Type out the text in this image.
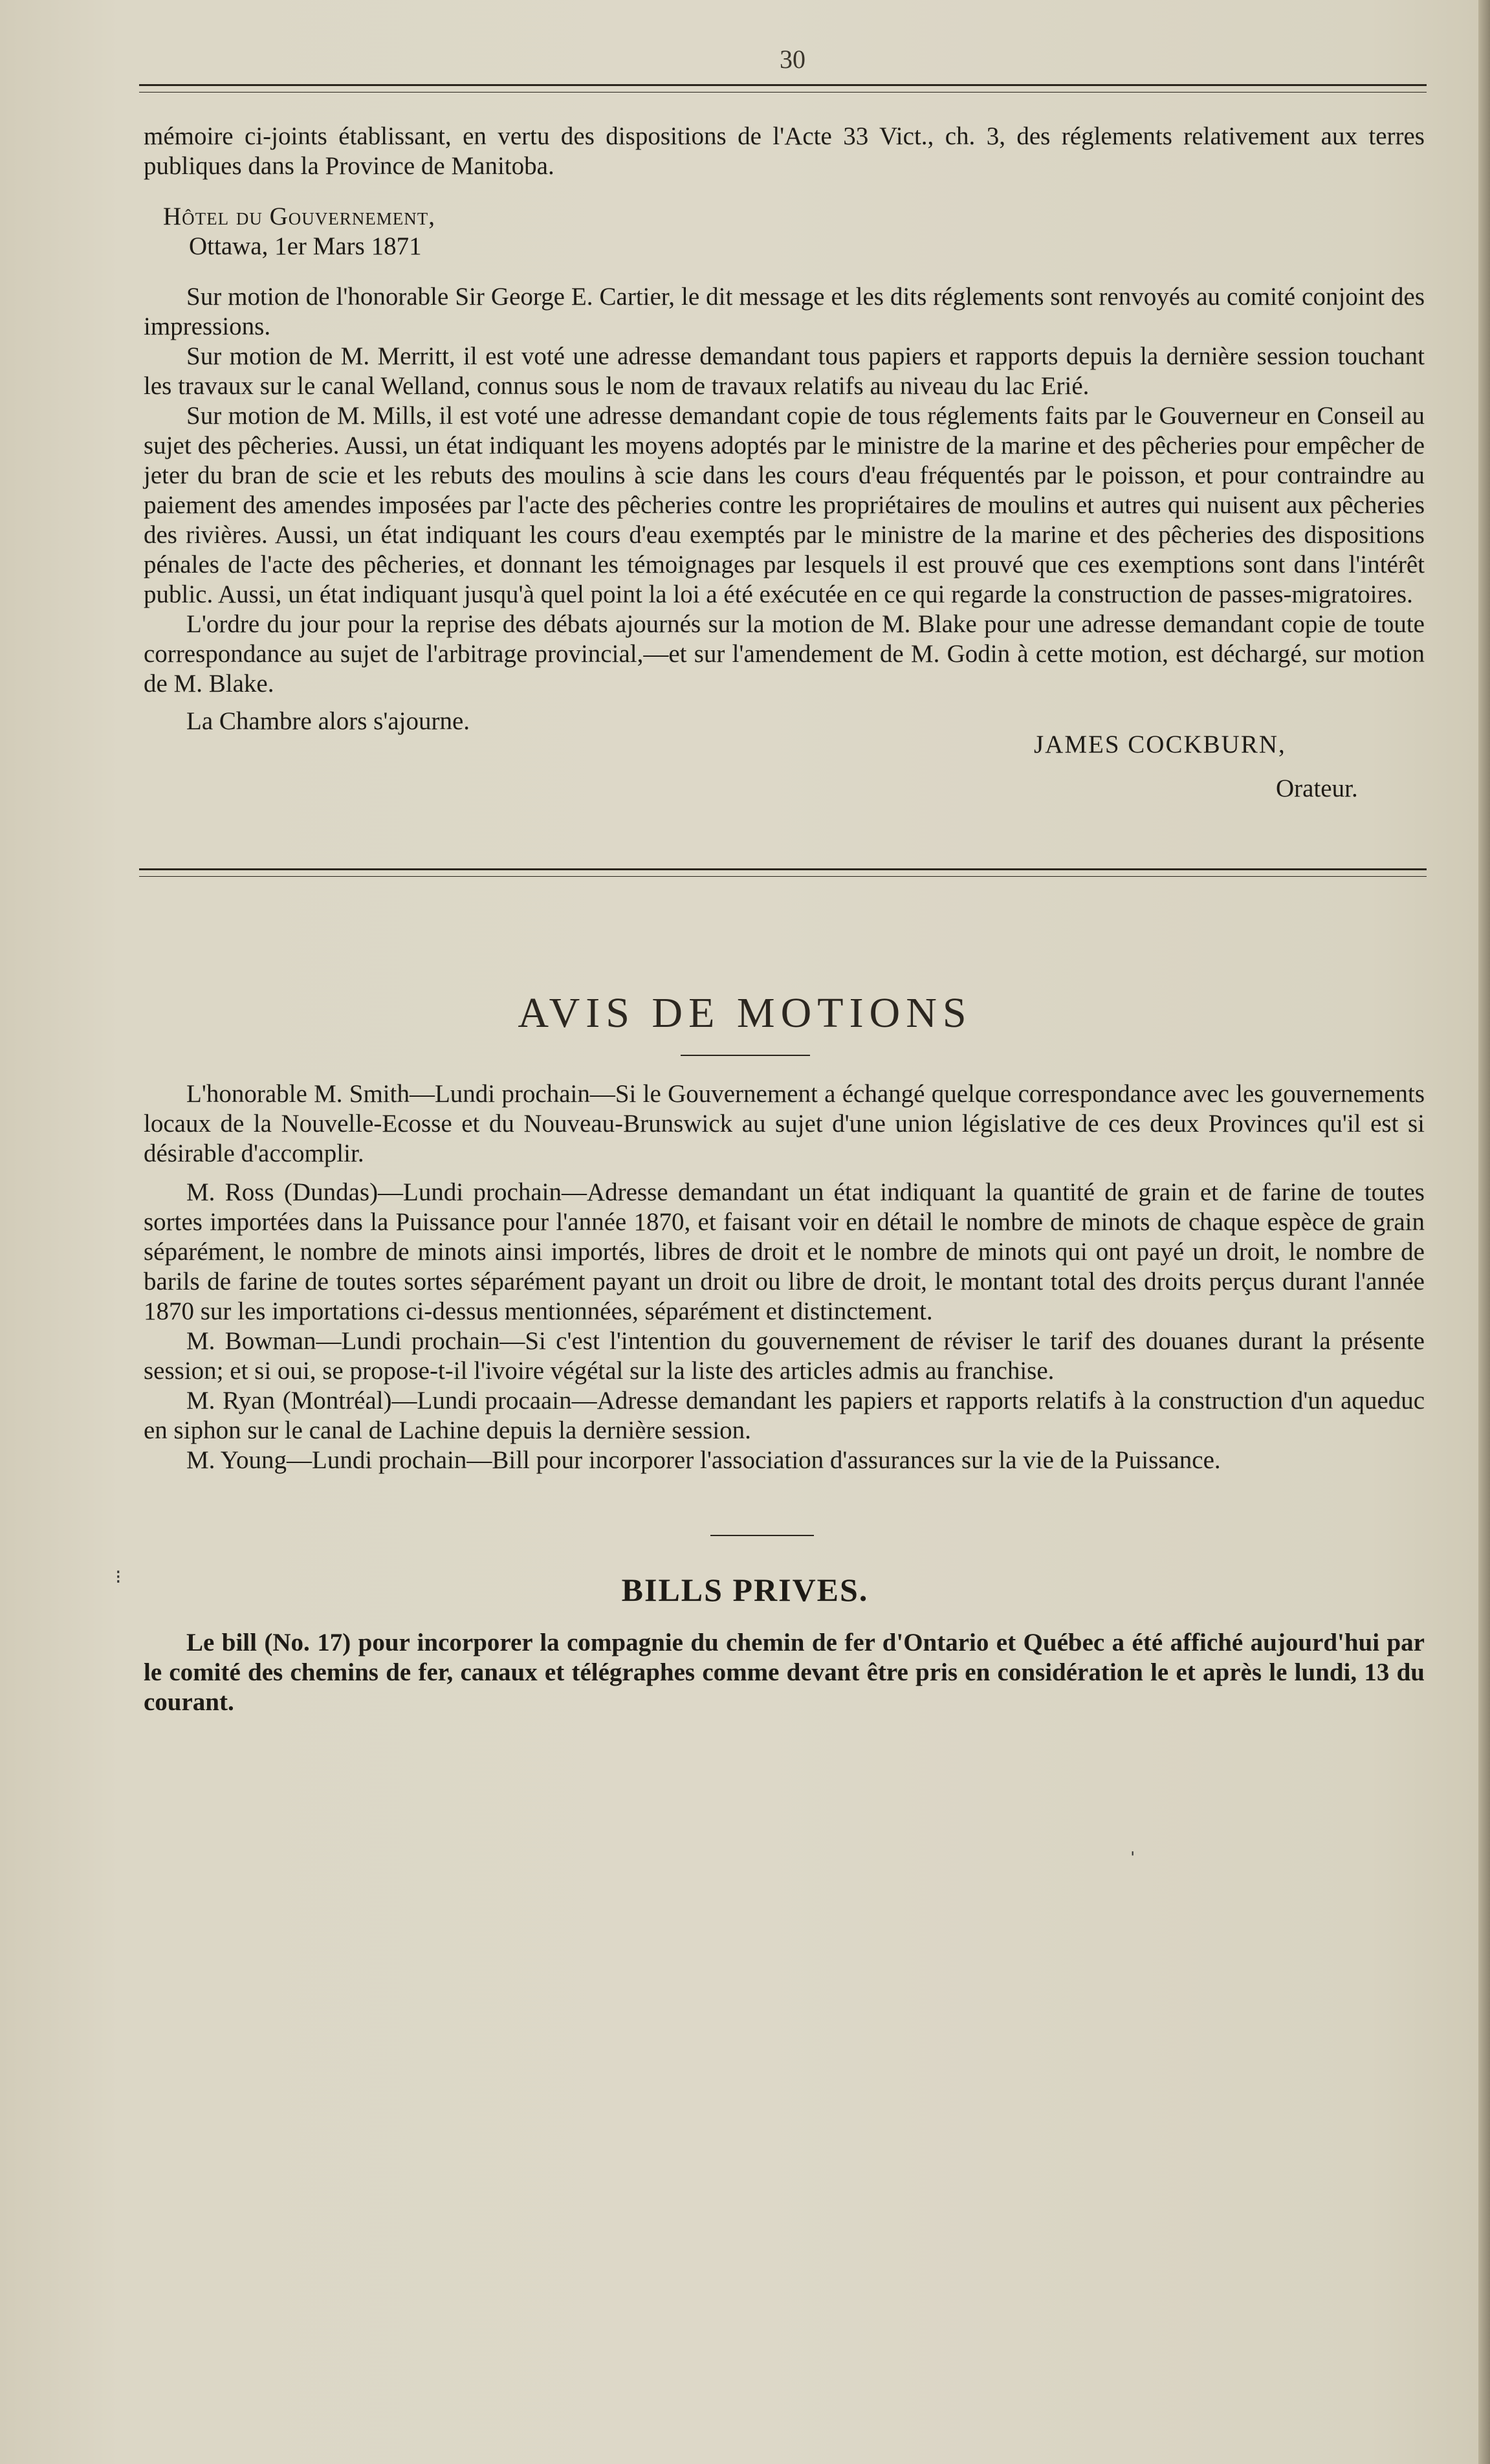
30

mémoire ci-joints établissant, en vertu des dispositions de l'Acte 33 Vict., ch. 3, des réglements relativement aux terres publiques dans la Province de Manitoba.

Hôtel du Gouvernement,

Ottawa, 1er Mars 1871

Sur motion de l'honorable Sir George E. Cartier, le dit message et les dits réglements sont renvoyés au comité conjoint des impressions.

Sur motion de M. Merritt, il est voté une adresse demandant tous papiers et rapports depuis la dernière session touchant les travaux sur le canal Welland, connus sous le nom de travaux relatifs au niveau du lac Erié.

Sur motion de M. Mills, il est voté une adresse demandant copie de tous réglements faits par le Gouverneur en Conseil au sujet des pêcheries. Aussi, un état indiquant les moyens adoptés par le ministre de la marine et des pêcheries pour empêcher de jeter du bran de scie et les rebuts des moulins à scie dans les cours d'eau fréquentés par le poisson, et pour contraindre au paiement des amendes imposées par l'acte des pêcheries contre les propriétaires de moulins et autres qui nuisent aux pêcheries des rivières. Aussi, un état indiquant les cours d'eau exemptés par le ministre de la marine et des pêcheries des dispositions pénales de l'acte des pêcheries, et donnant les témoignages par lesquels il est prouvé que ces exemptions sont dans l'intérêt public. Aussi, un état indiquant jusqu'à quel point la loi a été exécutée en ce qui regarde la construction de passes-migratoires.

L'ordre du jour pour la reprise des débats ajournés sur la motion de M. Blake pour une adresse demandant copie de toute correspondance au sujet de l'arbitrage provincial,—et sur l'amendement de M. Godin à cette motion, est déchargé, sur motion de M. Blake.

La Chambre alors s'ajourne.

JAMES COCKBURN,
Orateur.
AVIS DE MOTIONS

L'honorable M. Smith—Lundi prochain—Si le Gouvernement a échangé quelque correspondance avec les gouvernements locaux de la Nouvelle-Ecosse et du Nouveau-Brunswick au sujet d'une union législative de ces deux Provinces qu'il est si désirable d'accomplir.

M. Ross (Dundas)—Lundi prochain—Adresse demandant un état indiquant la quantité de grain et de farine de toutes sortes importées dans la Puissance pour l'année 1870, et faisant voir en détail le nombre de minots de chaque espèce de grain séparément, le nombre de minots ainsi importés, libres de droit et le nombre de minots qui ont payé un droit, le nombre de barils de farine de toutes sortes séparément payant un droit ou libre de droit, le montant total des droits perçus durant l'année 1870 sur les importations ci-dessus mentionnées, séparément et distinctement.

M. Bowman—Lundi prochain—Si c'est l'intention du gouvernement de réviser le tarif des douanes durant la présente session; et si oui, se propose-t-il l'ivoire végétal sur la liste des articles admis au franchise.

M. Ryan (Montréal)—Lundi procaain—Adresse demandant les papiers et rapports relatifs à la construction d'un aqueduc en siphon sur le canal de Lachine depuis la dernière session.

M. Young—Lundi prochain—Bill pour incorporer l'association d'assurances sur la vie de la Puissance.

⁝	BILLS PRIVES.

Le bill (No. 17) pour incorporer la compagnie du chemin de fer d'Ontario et Québec a été affiché aujourd'hui par le comité des chemins de fer, canaux et télégraphes comme devant être pris en considération le et après le lundi, 13 du courant.

ˈ
